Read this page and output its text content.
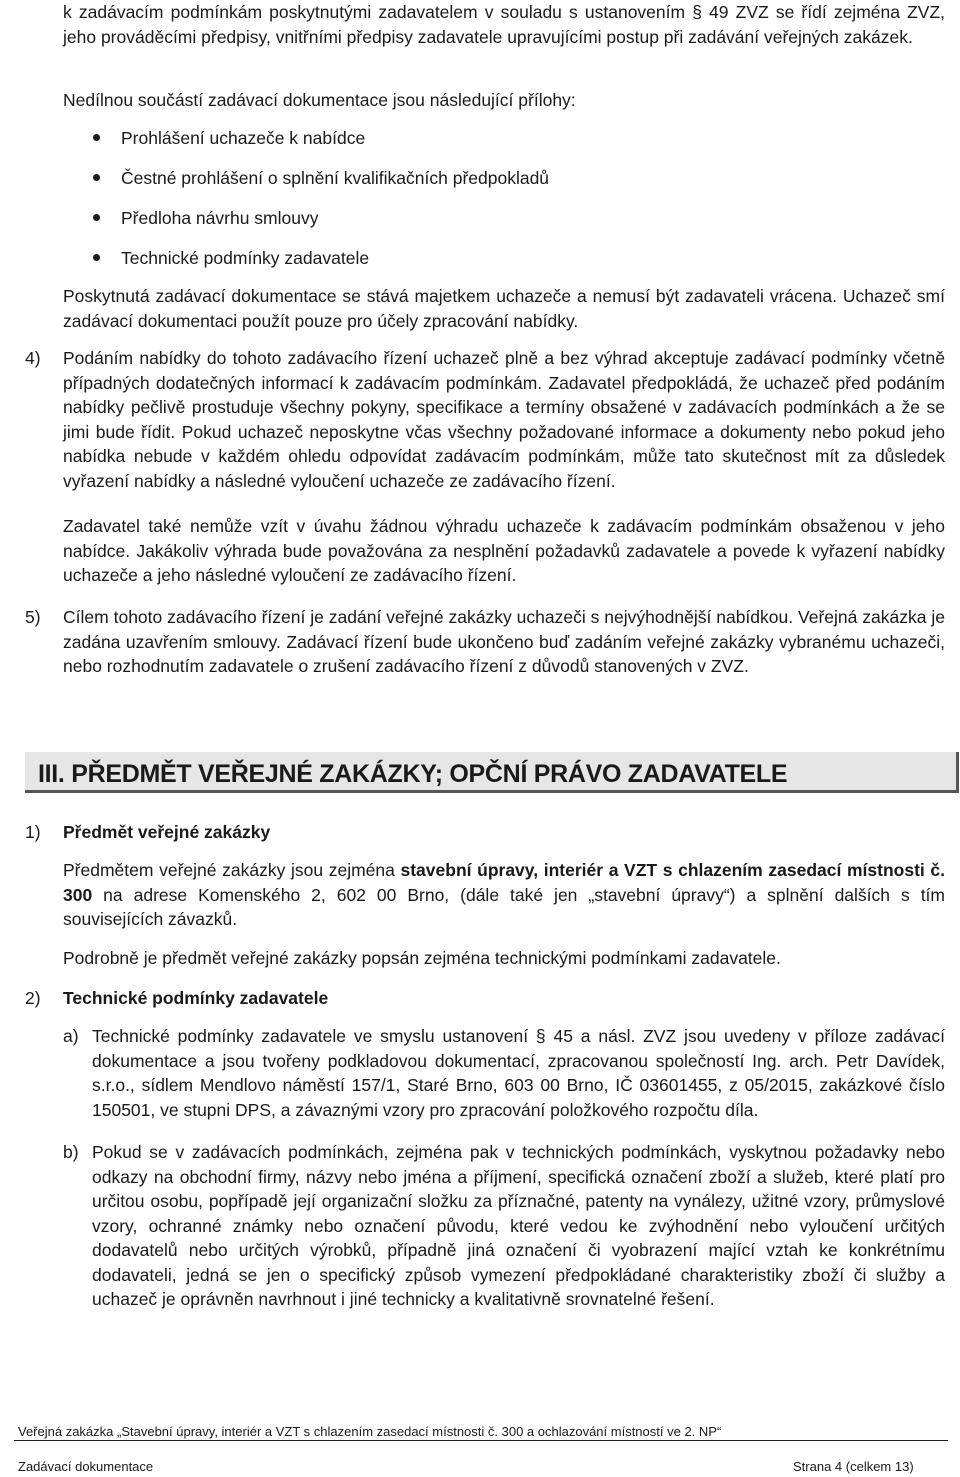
k zadávacím podmínkám poskytnutými zadavatelem v souladu s ustanovením § 49 ZVZ se řídí zejména ZVZ, jeho prováděcími předpisy, vnitřními předpisy zadavatele upravujícími postup při zadávání veřejných zakázek.
Nedílnou součástí zadávací dokumentace jsou následující přílohy:
Prohlášení uchazeče k nabídce
Čestné prohlášení o splnění kvalifikačních předpokladů
Předloha návrhu smlouvy
Technické podmínky zadavatele
Poskytnutá zadávací dokumentace se stává majetkem uchazeče a nemusí být zadavateli vrácena. Uchazeč smí zadávací dokumentaci použít pouze pro účely zpracování nabídky.
4) Podáním nabídky do tohoto zadávacího řízení uchazeč plně a bez výhrad akceptuje zadávací podmínky včetně případných dodatečných informací k zadávacím podmínkám. Zadavatel předpokládá, že uchazeč před podáním nabídky pečlivě prostuduje všechny pokyny, specifikace a termíny obsažené v zadávacích podmínkách a že se jimi bude řídit. Pokud uchazeč neposkytne včas všechny požadované informace a dokumenty nebo pokud jeho nabídka nebude v každém ohledu odpovídat zadávacím podmínkám, může tato skutečnost mít za důsledek vyřazení nabídky a následné vyloučení uchazeče ze zadávacího řízení.
Zadavatel také nemůže vzít v úvahu žádnou výhradu uchazeče k zadávacím podmínkám obsaženou v jeho nabídce. Jakákoliv výhrada bude považována za nesplnění požadavků zadavatele a povede k vyřazení nabídky uchazeče a jeho následné vyloučení ze zadávacího řízení.
5) Cílem tohoto zadávacího řízení je zadání veřejné zakázky uchazeči s nejvýhodnější nabídkou. Veřejná zakázka je zadána uzavřením smlouvy. Zadávací řízení bude ukončeno buď zadáním veřejné zakázky vybranému uchazeči, nebo rozhodnutím zadavatele o zrušení zadávacího řízení z důvodů stanovených v ZVZ.
III. PŘEDMĚT VEŘEJNÉ ZAKÁZKY; OPČNÍ PRÁVO ZADAVATELE
1) Předmět veřejné zakázky
Předmětem veřejné zakázky jsou zejména stavební úpravy, interiér a VZT s chlazením zasedací místnosti č. 300 na adrese Komenského 2, 602 00 Brno, (dále také jen „stavební úpravy“) a splnění dalších s tím souvisejících závazků.
Podrobně je předmět veřejné zakázky popsán zejména technickými podmínkami zadavatele.
2) Technické podmínky zadavatele
a) Technické podmínky zadavatele ve smyslu ustanovení § 45 a násl. ZVZ jsou uvedeny v příloze zadávací dokumentace a jsou tvořeny podkladovou dokumentací, zpracovanou společností Ing. arch. Petr Davídek, s.r.o., sídlem Mendlovo náměstí 157/1, Staré Brno, 603 00 Brno, IČ 03601455, z 05/2015, zakázkové číslo 150501, ve stupni DPS, a závaznými vzory pro zpracování položkového rozpočtu díla.
b) Pokud se v zadávacích podmínkách, zejména pak v technických podmínkách, vyskytnou požadavky nebo odkazy na obchodní firmy, názvy nebo jména a příjmení, specifická označení zboží a služeb, které platí pro určitou osobu, popřípadě její organizační složku za příznačné, patenty na vynálezy, užitné vzory, průmyslové vzory, ochranné známky nebo označení původu, které vedou ke zvýhodnění nebo vyloučení určitých dodavatelů nebo určitých výrobků, případně jiná označení či vyobrazení mající vztah ke konkrétnímu dodavateli, jedná se jen o specifický způsob vymezení předpokládané charakteristiky zboží či služby a uchazeč je oprávněn navrhnout i jiné technicky a kvalitativně srovnatelné řešení.
Veřejná zakázka „Stavební úpravy, interiér a VZT s chlazením zasedací místnosti č. 300 a ochlazování místností ve 2. NP“
Zadávací dokumentace	Strana 4 (celkem 13)
